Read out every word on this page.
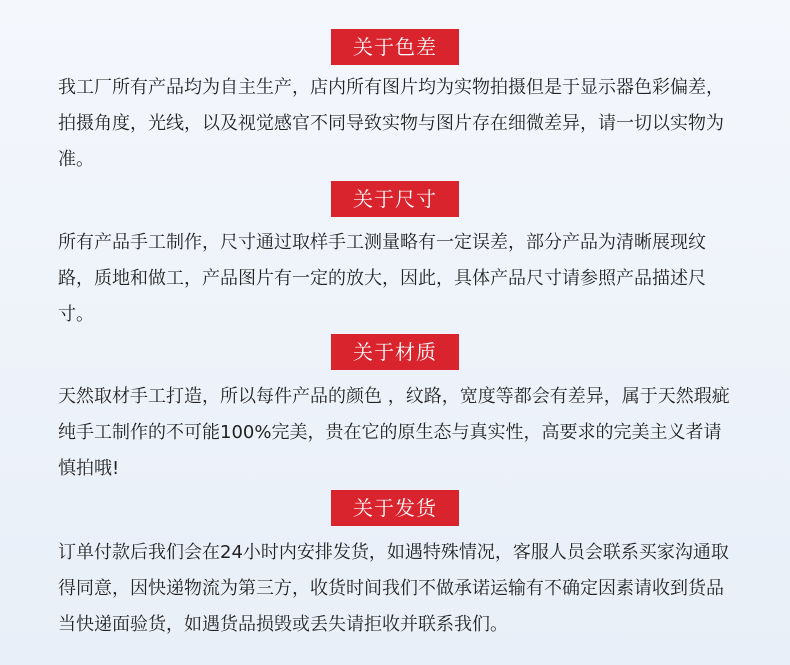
关于色差
我工厂所有产品均为自主生产，店内所有图片均为实物拍摄但是于显示器色彩偏差，拍摄角度，光线，以及视觉感官不同导致实物与图片存在细微差异，请一切以实物为准。
关于尺寸
所有产品手工制作，尺寸通过取样手工测量略有一定误差，部分产品为清晰展现纹路，质地和做工，产品图片有一定的放大，因此，具体产品尺寸请参照产品描述尺寸。
关于材质
天然取材手工打造，所以每件产品的颜色 ，纹路，宽度等都会有差异，属于天然瑕疵纯手工制作的不可能100%完美，贵在它的原生态与真实性，高要求的完美主义者请慎拍哦!
关于发货
订单付款后我们会在24小时内安排发货，如遇特殊情况，客服人员会联系买家沟通取得同意，因快递物流为第三方，收货时间我们不做承诺运输有不确定因素请收到货品当快递面验货，如遇货品损毁或丢失请拒收并联系我们。
